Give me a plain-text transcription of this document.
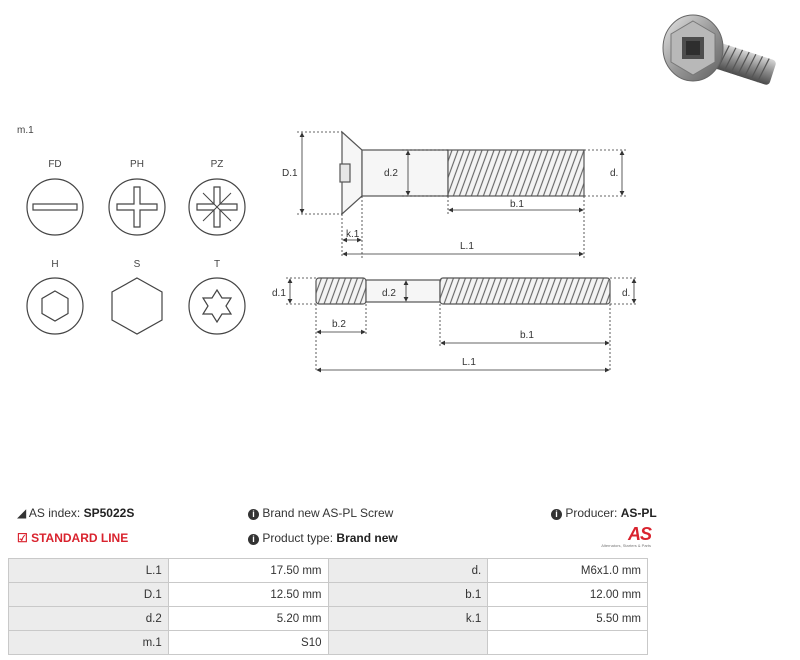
m.1
FD	PH	PZ
H	S	T
D.1	d.2	d.
b.1
k.1
L.1
d.1	d.2	d.
b.2
b.1
L.1
◢ AS index: SP5022S	i Brand new AS-PL Screw	i Producer: AS-PL
☑ STANDARD LINE	i Product type: Brand new	AS
Alternators, Starters & Parts
L.1	17.50 mm	d.	M6x1.0 mm
D.1	12.50 mm	b.1	12.00 mm
d.2	5.20 mm	k.1	5.50 mm
m.1	S10		
